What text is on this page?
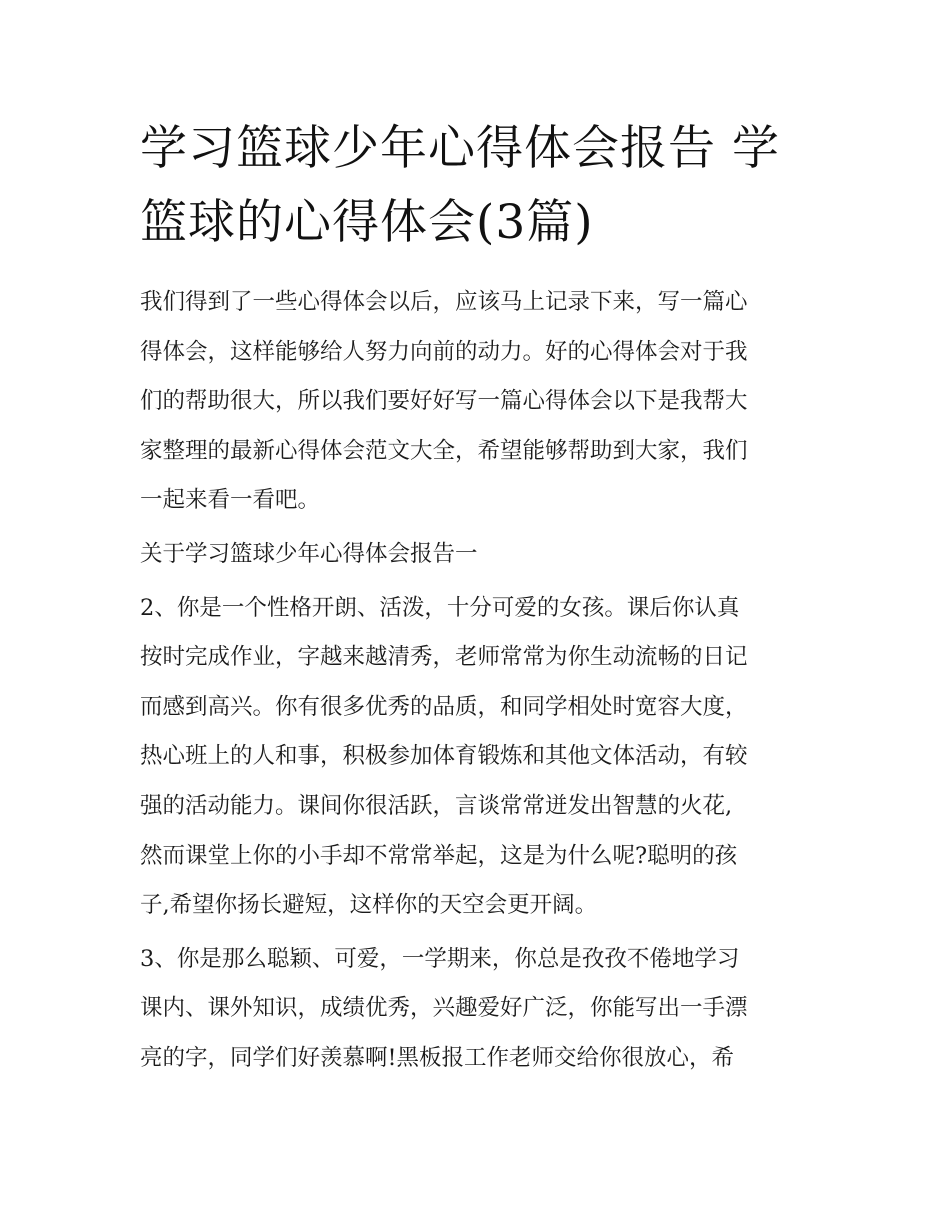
学习篮球少年心得体会报告 学
篮球的心得体会(3篇)

我们得到了一些心得体会以后，应该马上记录下来，写一篇心
得体会，这样能够给人努力向前的动力。好的心得体会对于我
们的帮助很大，所以我们要好好写一篇心得体会以下是我帮大
家整理的最新心得体会范文大全，希望能够帮助到大家，我们
一起来看一看吧。

关于学习篮球少年心得体会报告一

2、你是一个性格开朗、活泼，十分可爱的女孩。课后你认真
按时完成作业，字越来越清秀，老师常常为你生动流畅的日记
而感到高兴。你有很多优秀的品质，和同学相处时宽容大度，
热心班上的人和事，积极参加体育锻炼和其他文体活动，有较
强的活动能力。课间你很活跃，言谈常常迸发出智慧的火花,
然而课堂上你的小手却不常常举起，这是为什么呢?聪明的孩
子,希望你扬长避短，这样你的天空会更开阔。

3、你是那么聪颖、可爱，一学期来，你总是孜孜不倦地学习
课内、课外知识，成绩优秀，兴趣爱好广泛，你能写出一手漂
亮的字，同学们好羡慕啊!黑板报工作老师交给你很放心，希
